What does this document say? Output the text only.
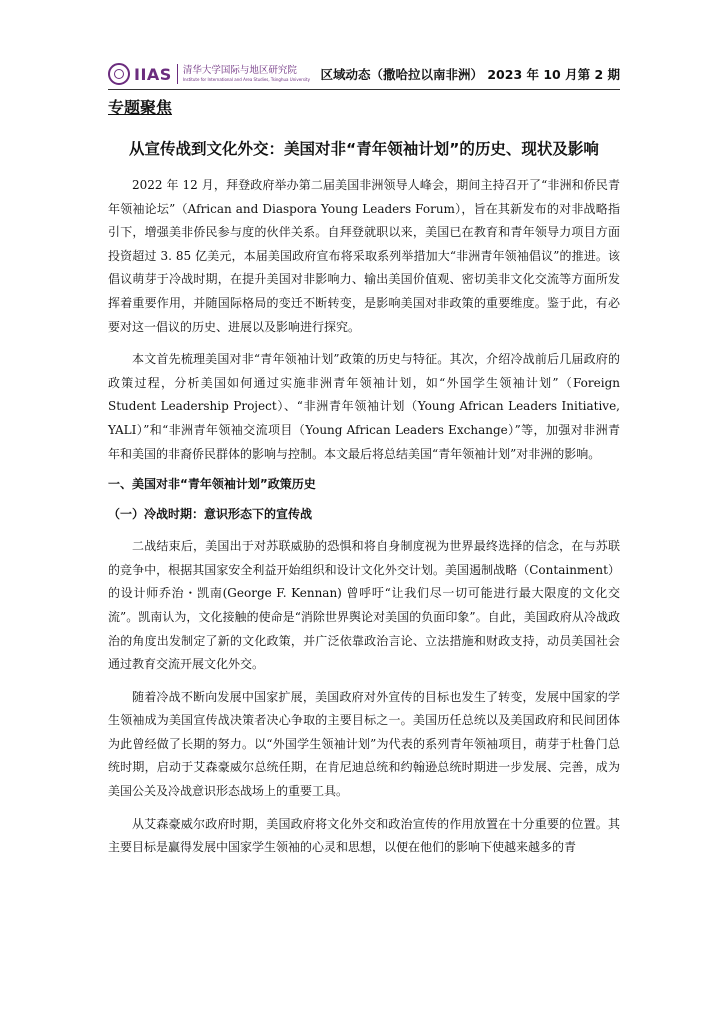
IIAS 清华大学国际与地区研究院
Institute for International and Area Studies, Tsinghua University 区域动态（撒哈拉以南非洲） 2023 年 10 月第 2 期
专题聚焦
从宣传战到文化外交：美国对非“青年领袖计划”的历史、现状及影响

2022 年 12 月，拜登政府举办第二届美国非洲领导人峰会，期间主持召开了“非洲和侨民青年领袖论坛”（African and Diaspora Young Leaders Forum），旨在其新发布的对非战略指引下，增强美非侨民参与度的伙伴关系。自拜登就职以来，美国已在教育和青年领导力项目方面投资超过 3. 85 亿美元，本届美国政府宣布将采取系列举措加大“非洲青年领袖倡议”的推进。该倡议萌芽于冷战时期，在提升美国对非影响力、输出美国价值观、密切美非文化交流等方面所发挥着重要作用，并随国际格局的变迁不断转变，是影响美国对非政策的重要维度。鉴于此，有必要对这一倡议的历史、进展以及影响进行探究。

本文首先梳理美国对非“青年领袖计划”政策的历史与特征。其次，介绍冷战前后几届政府的政策过程，分析美国如何通过实施非洲青年领袖计划，如“外国学生领袖计划”（Foreign Student Leadership Project）、“非洲青年领袖计划（Young African Leaders Initiative, YALI）”和“非洲青年领袖交流项目（Young African Leaders Exchange）”等，加强对非洲青年和美国的非裔侨民群体的影响与控制。本文最后将总结美国“青年领袖计划”对非洲的影响。

一、美国对非“青年领袖计划”政策历史
（一）冷战时期：意识形态下的宣传战

二战结束后，美国出于对苏联威胁的恐惧和将自身制度视为世界最终选择的信念，在与苏联的竞争中，根据其国家安全利益开始组织和设计文化外交计划。美国遏制战略（Containment）的设计师乔治・凯南(George F. Kennan) 曾呼吁“让我们尽一切可能进行最大限度的文化交流”。凯南认为，文化接触的使命是“消除世界舆论对美国的负面印象”。自此，美国政府从冷战政治的角度出发制定了新的文化政策，并广泛依靠政治言论、立法措施和财政支持，动员美国社会通过教育交流开展文化外交。

随着冷战不断向发展中国家扩展，美国政府对外宣传的目标也发生了转变，发展中国家的学生领袖成为美国宣传战决策者决心争取的主要目标之一。美国历任总统以及美国政府和民间团体为此曾经做了长期的努力。以“外国学生领袖计划”为代表的系列青年领袖项目，萌芽于杜鲁门总统时期，启动于艾森豪威尔总统任期，在肯尼迪总统和约翰逊总统时期进一步发展、完善，成为美国公关及冷战意识形态战场上的重要工具。

从艾森豪威尔政府时期，美国政府将文化外交和政治宣传的作用放置在十分重要的位置。其主要目标是赢得发展中国家学生领袖的心灵和思想，以便在他们的影响下使越来越多的青
